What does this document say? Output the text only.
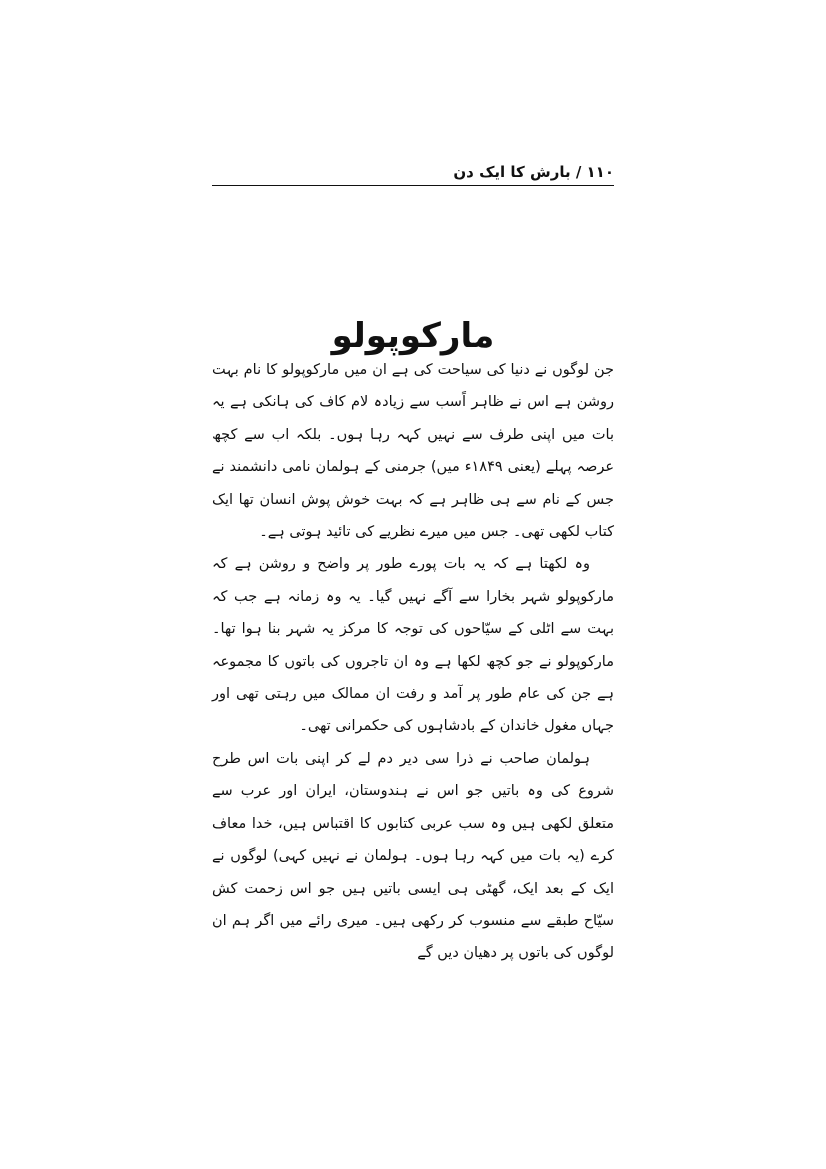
۱۱۰ / بارش کا ایک دن
مارکوپولو

جن لوگوں نے دنیا کی سیاحت کی ہے ان میں مارکوپولو کا نام بہت روشن ہے اس نے ظاہر اًسب سے زیادہ لام کاف کی ہانکی ہے یہ بات میں اپنی طرف سے نہیں کہہ رہا ہوں۔ بلکہ اب سے کچھ عرصہ پہلے (یعنی ۱۸۴۹ء میں) جرمنی کے ہولمان نامی دانشمند نے جس کے نام سے ہی ظاہر ہے کہ بہت خوش پوش انسان تھا ایک کتاب لکھی تھی۔ جس میں میرے نظریے کی تائید ہوتی ہے۔

وہ لکھتا ہے کہ یہ بات پورے طور پر واضح و روشن ہے کہ مارکوپولو شہر بخارا سے آگے نہیں گیا۔ یہ وہ زمانہ ہے جب کہ بہت سے اٹلی کے سیّاحوں کی توجہ کا مرکز یہ شہر بنا ہوا تھا۔ مارکوپولو نے جو کچھ لکھا ہے وہ ان تاجروں کی باتوں کا مجموعہ ہے جن کی عام طور پر آمد و رفت ان ممالک میں رہتی تھی اور جہاں مغول خاندان کے بادشاہوں کی حکمرانی تھی۔

ہولمان صاحب نے ذرا سی دیر دم لے کر اپنی بات اس طرح شروع کی وہ باتیں جو اس نے ہندوستان، ایران اور عرب سے متعلق لکھی ہیں وہ سب عربی کتابوں کا اقتباس ہیں، خدا معاف کرے (یہ بات میں کہہ رہا ہوں۔ ہولمان نے نہیں کہی) لوگوں نے ایک کے بعد ایک، گھٹی ہی ایسی باتیں ہیں جو اس زحمت کش سیّاح طبقے سے منسوب کر رکھی ہیں۔ میری رائے میں اگر ہم ان لوگوں کی باتوں پر دھیان دیں گے
